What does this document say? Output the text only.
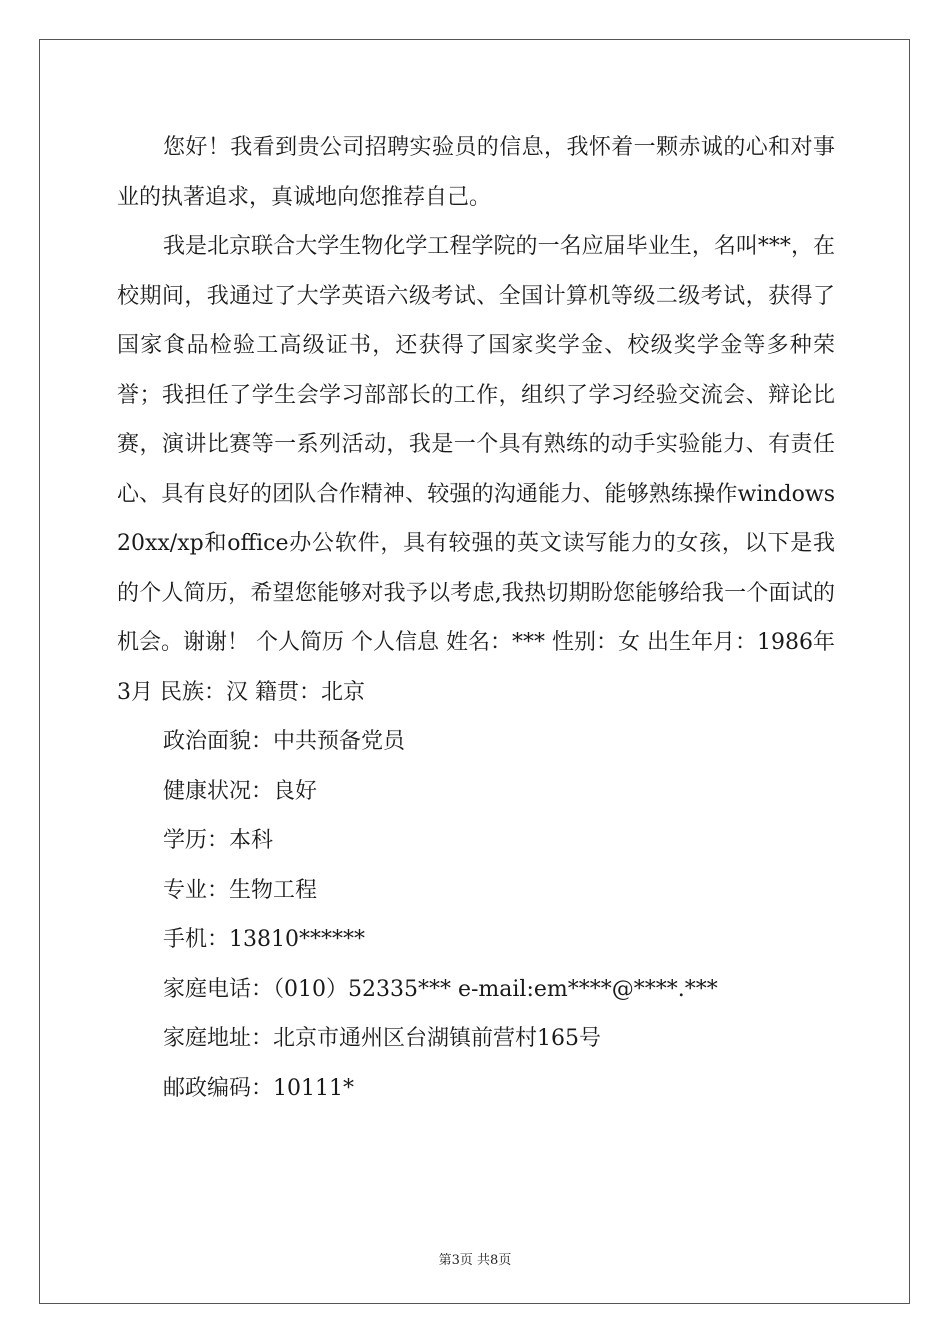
您好！我看到贵公司招聘实验员的信息，我怀着一颗赤诚的心和对事业的执著追求，真诚地向您推荐自己。

我是北京联合大学生物化学工程学院的一名应届毕业生，名叫***，在校期间，我通过了大学英语六级考试、全国计算机等级二级考试，获得了国家食品检验工高级证书，还获得了国家奖学金、校级奖学金等多种荣誉；我担任了学生会学习部部长的工作，组织了学习经验交流会、辩论比赛，演讲比赛等一系列活动，我是一个具有熟练的动手实验能力、有责任心、具有良好的团队合作精神、较强的沟通能力、能够熟练操作windows20xx/xp和office办公软件，具有较强的英文读写能力的女孩，以下是我的个人简历，希望您能够对我予以考虑,我热切期盼您能够给我一个面试的机会。谢谢！ 个人简历 个人信息 姓名：*** 性别：女 出生年月：1986年3月 民族：汉 籍贯：北京

政治面貌：中共预备党员

健康状况：良好

学历：本科

专业：生物工程

手机：13810******

家庭电话：（010）52335*** e-mail:em****@****.***

家庭地址：北京市通州区台湖镇前营村165号

邮政编码：10111*

第3页 共8页
